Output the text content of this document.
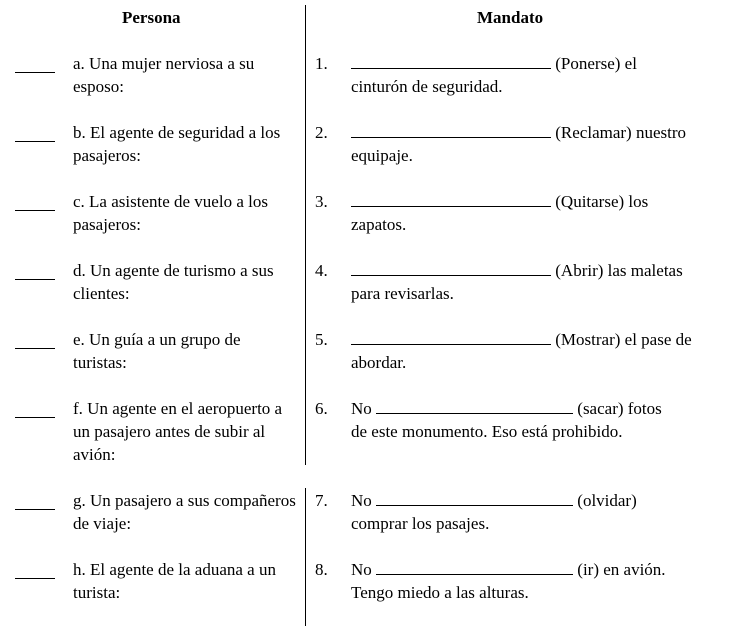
Persona	Mandato
a. Una mujer nerviosa a su esposo:
1.	(Ponerse) el
cinturón de seguridad.
b. El agente de seguridad a los pasajeros:
2.	(Reclamar) nuestro
equipaje.
c. La asistente de vuelo a los pasajeros:
3.	(Quitarse) los
zapatos.
d. Un agente de turismo a sus clientes:
4.	(Abrir) las maletas
para revisarlas.
e. Un guía a un grupo de turistas:
5.	(Mostrar) el pase de
abordar.
f. Un agente en el aeropuerto a un pasajero antes de subir al avión:
6. No	(sacar) fotos
de este monumento. Eso está prohibido.
g. Un pasajero a sus compañeros de viaje:
7. No	(olvidar)
comprar los pasajes.
h. El agente de la aduana a un turista:
8. No	(ir) en avión.
Tengo miedo a las alturas.
